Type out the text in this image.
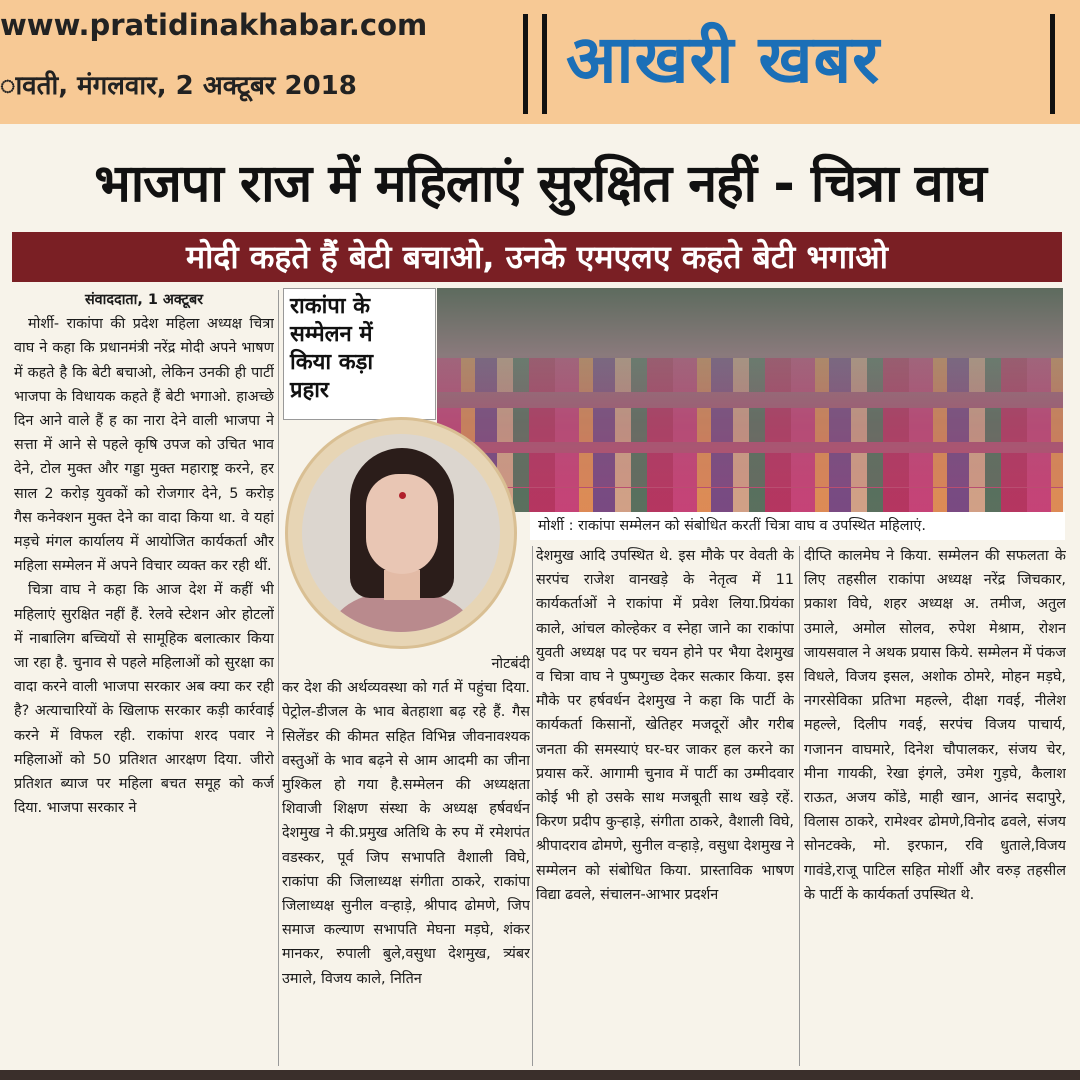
www.pratidinakhabar.com
ावती, मंगलवार, 2 अक्टूबर 2018	आखरी खबर
भाजपा राज में महिलाएं सुरक्षित नहीं - चित्रा वाघ
मोदी कहते हैं बेटी बचाओ, उनके एमएलए कहते बेटी भगाओ

संवाददाता, 1 अक्टूबर

मोर्शी- राकांपा की प्रदेश महिला अध्यक्ष चित्रा वाघ ने कहा कि प्रधानमंत्री नरेंद्र मोदी अपने भाषण में कहते है कि बेटी बचाओ, लेकिन उनकी ही पार्टी भाजपा के विधायक कहते हैं बेटी भगाओ. हाअच्छे दिन आने वाले हैं ह का नारा देने वाली भाजपा ने सत्ता में आने से पहले कृषि उपज को उचित भाव देने, टोल मुक्त और गड्डा मुक्त महाराष्ट्र करने, हर साल 2 करोड़ युवकों को रोजगार देने, 5 करोड़ गैस कनेक्शन मुक्त देने का वादा किया था. वे यहां मड़चे मंगल कार्यालय में आयोजित कार्यकर्ता और महिला सम्मेलन में अपने विचार व्यक्त कर रही थीं.

चित्रा वाघ ने कहा कि आज देश में कहीं भी महिलाएं सुरक्षित नहीं हैं. रेलवे स्टेशन ओर होटलों में नाबालिग बच्चियों से सामूहिक बलात्कार किया जा रहा है. चुनाव से पहले महिलाओं को सुरक्षा का वादा करने वाली भाजपा सरकार अब क्या कर रही है? अत्याचारियों के खिलाफ सरकार कड़ी कार्रवाई करने में विफल रही. राकांपा शरद पवार ने महिलाओं को 50 प्रतिशत आरक्षण दिया. जीरो प्रतिशत ब्याज पर महिला बचत समूह को कर्ज दिया. भाजपा सरकार ने

राकांपा के
सम्मेलन में
किया कड़ा
प्रहार
मोर्शी : राकांपा सम्मेलन को संबोधित करतीं चित्रा वाघ व उपस्थित महिलाएं.

नोटबंदी

कर देश की अर्थव्यवस्था को गर्त में पहुंचा दिया. पेट्रोल-डीजल के भाव बेतहाशा बढ़ रहे हैं. गैस सिलेंडर की कीमत सहित विभिन्न जीवनावश्यक वस्तुओं के भाव बढ़ने से आम आदमी का जीना मुश्किल हो गया है.सम्मेलन की अध्यक्षता शिवाजी शिक्षण संस्था के अध्यक्ष हर्षवर्धन देशमुख ने की.प्रमुख अतिथि के रुप में रमेशपंत वडस्कर, पूर्व जिप सभापति वैशाली विघे, राकांपा की जिलाध्यक्ष संगीता ठाकरे, राकांपा जिलाध्यक्ष सुनील वऱ्हाड़े, श्रीपाद ढोमणे, जिप समाज कल्याण सभापति मेघना मड़घे, शंकर मानकर, रुपाली बुले,वसुधा देशमुख, त्र्यंबर उमाले, विजय काले, नितिन

देशमुख आदि उपस्थित थे. इस मौके पर वेवती के सरपंच राजेश वानखड़े के नेतृत्व में 11 कार्यकर्ताओं ने राकांपा में प्रवेश लिया.प्रियंका काले, आंचल कोल्हेकर व स्नेहा जाने का राकांपा युवती अध्यक्ष पद पर चयन होने पर भैया देशमुख व चित्रा वाघ ने पुष्पगुच्छ देकर सत्कार किया. इस मौके पर हर्षवर्धन देशमुख ने कहा कि पार्टी के कार्यकर्ता किसानों, खेतिहर मजदूरों और गरीब जनता की समस्याएं घर-घर जाकर हल करने का प्रयास करें. आगामी चुनाव में पार्टी का उम्मीदवार कोई भी हो उसके साथ मजबूती साथ खड़े रहें. किरण प्रदीप कुऱ्हाड़े, संगीता ठाकरे, वैशाली विघे, श्रीपादराव ढोमणे, सुनील वऱ्हाड़े, वसुधा देशमुख ने सम्मेलन को संबोधित किया. प्रास्ताविक भाषण विद्या ढवले, संचालन-आभार प्रदर्शन

दीप्ति कालमेघ ने किया. सम्मेलन की सफलता के लिए तहसील राकांपा अध्यक्ष नरेंद्र जिचकार, प्रकाश विघे, शहर अध्यक्ष अ. तमीज, अतुल उमाले, अमोल सोलव, रुपेश मेश्राम, रोशन जायसवाल ने अथक प्रयास किये. सम्मेलन में पंकज विधले, विजय इसल, अशोक ठोमरे, मोहन मड़घे, नगरसेविका प्रतिभा महल्ले, दीक्षा गवई, नीलेश महल्ले, दिलीप गवई, सरपंच विजय पाचार्य, गजानन वाघमारे, दिनेश चौपालकर, संजय चेर, मीना गायकी, रेखा इंगले, उमेश गुड़घे, कैलाश राऊत, अजय कोंडे, माही खान, आनंद सदापुरे, विलास ठाकरे, रामेश्वर ढोमणे,विनोद ढवले, संजय सोनटक्के, मो. इरफान, रवि धुताले,विजय गावंडे,राजू पाटिल सहित मोर्शी और वरुड़ तहसील के पार्टी के कार्यकर्ता उपस्थित थे.
